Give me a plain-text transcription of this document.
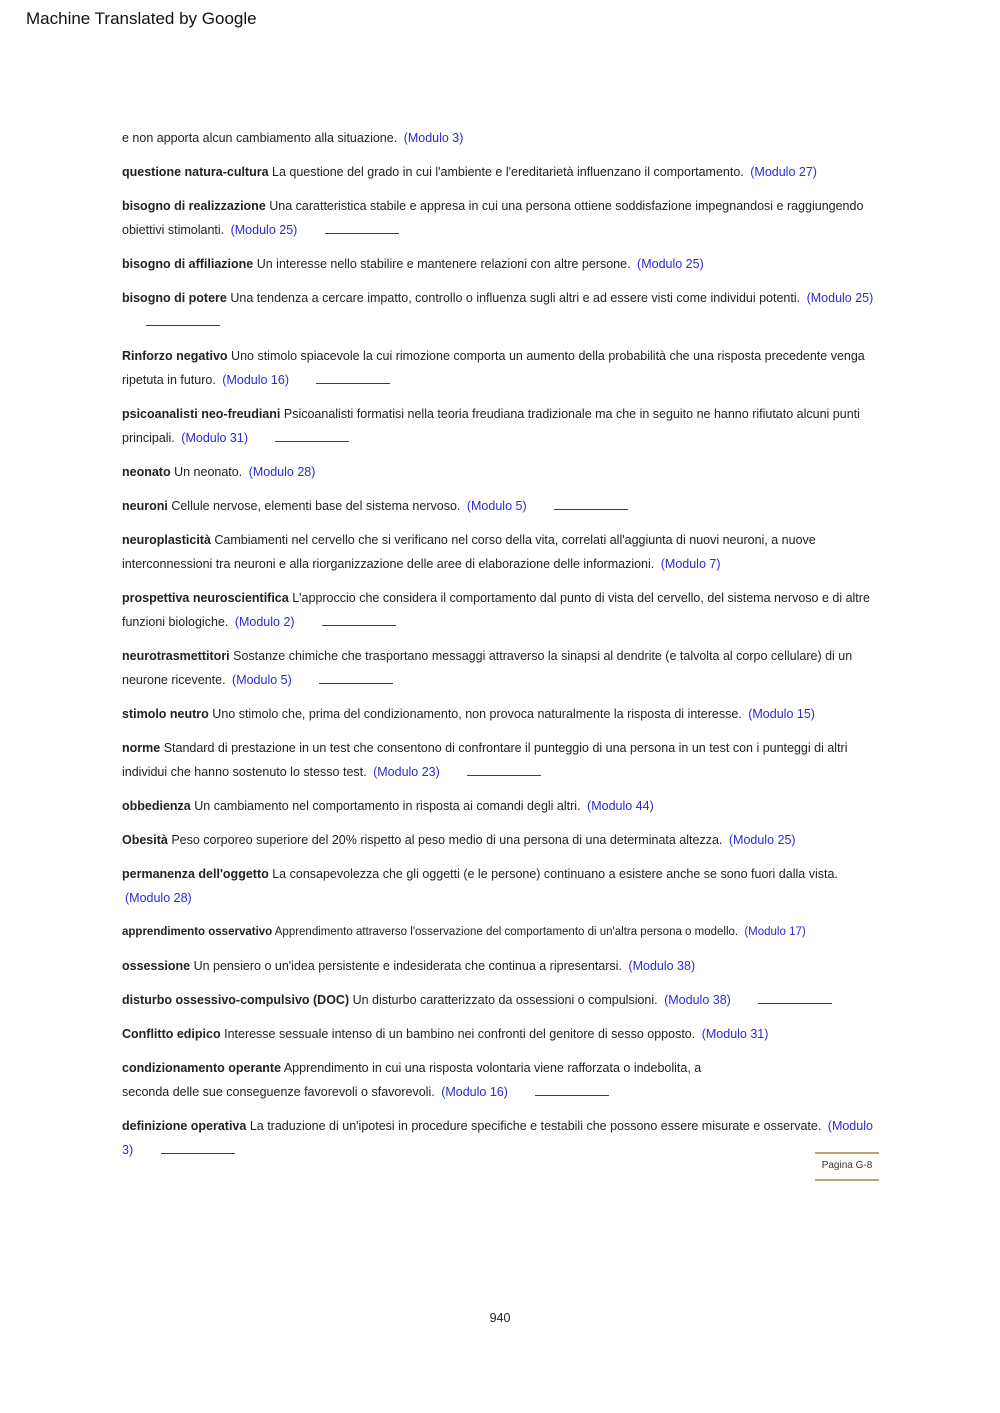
Machine Translated by Google
e non apporta alcun cambiamento alla situazione. (Modulo 3)
questione natura-cultura La questione del grado in cui l'ambiente e l'ereditarietà influenzano il comportamento. (Modulo 27)
bisogno di realizzazione Una caratteristica stabile e appresa in cui una persona ottiene soddisfazione impegnandosi e raggiungendo obiettivi stimolanti. (Modulo 25)
bisogno di affiliazione Un interesse nello stabilire e mantenere relazioni con altre persone. (Modulo 25)
bisogno di potere Una tendenza a cercare impatto, controllo o influenza sugli altri e ad essere visti come individui potenti. (Modulo 25)
Rinforzo negativo Uno stimolo spiacevole la cui rimozione comporta un aumento della probabilità che una risposta precedente venga ripetuta in futuro. (Modulo 16)
psicoanalisti neo-freudiani Psicoanalisti formatisi nella teoria freudiana tradizionale ma che in seguito ne hanno rifiutato alcuni punti principali. (Modulo 31)
neonato Un neonato. (Modulo 28)
neuroni Cellule nervose, elementi base del sistema nervoso. (Modulo 5)
neuroplasticità Cambiamenti nel cervello che si verificano nel corso della vita, correlati all'aggiunta di nuovi neuroni, a nuove interconnessioni tra neuroni e alla riorganizzazione delle aree di elaborazione delle informazioni. (Modulo 7)
prospettiva neuroscientifica L'approccio che considera il comportamento dal punto di vista del cervello, del sistema nervoso e di altre funzioni biologiche. (Modulo 2)
neurotrasmettitori Sostanze chimiche che trasportano messaggi attraverso la sinapsi al dendrite (e talvolta al corpo cellulare) di un neurone ricevente. (Modulo 5)
stimolo neutro Uno stimolo che, prima del condizionamento, non provoca naturalmente la risposta di interesse. (Modulo 15)
norme Standard di prestazione in un test che consentono di confrontare il punteggio di una persona in un test con i punteggi di altri individui che hanno sostenuto lo stesso test. (Modulo 23)
obbedienza Un cambiamento nel comportamento in risposta ai comandi degli altri. (Modulo 44)
Obesità Peso corporeo superiore del 20% rispetto al peso medio di una persona di una determinata altezza. (Modulo 25)
permanenza dell'oggetto La consapevolezza che gli oggetti (e le persone) continuano a esistere anche se sono fuori dalla vista. (Modulo 28)
apprendimento osservativo Apprendimento attraverso l'osservazione del comportamento di un'altra persona o modello. (Modulo 17)
ossessione Un pensiero o un'idea persistente e indesiderata che continua a ripresentarsi. (Modulo 38)
disturbo ossessivo-compulsivo (DOC) Un disturbo caratterizzato da ossessioni o compulsioni. (Modulo 38)
Conflitto edipico Interesse sessuale intenso di un bambino nei confronti del genitore di sesso opposto. (Modulo 31)
condizionamento operante Apprendimento in cui una risposta volontaria viene rafforzata o indebolita, a seconda delle sue conseguenze favorevoli o sfavorevoli. (Modulo 16)
definizione operativa La traduzione di un'ipotesi in procedure specifiche e testabili che possono essere misurate e osservate. (Modulo 3)
Pagina G-8
940
